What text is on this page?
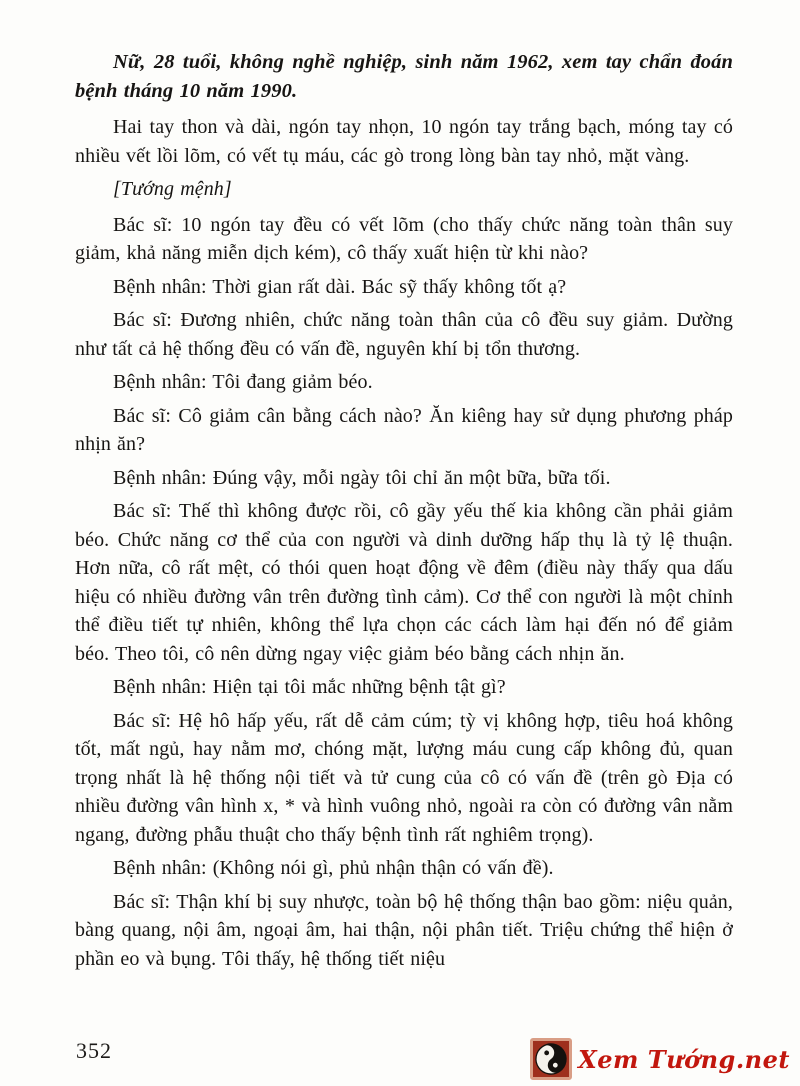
Nữ, 28 tuổi, không nghề nghiệp, sinh năm 1962, xem tay chẩn đoán bệnh tháng 10 năm 1990.

Hai tay thon và dài, ngón tay nhọn, 10 ngón tay trắng bạch, móng tay có nhiều vết lồi lõm, có vết tụ máu, các gò trong lòng bàn tay nhỏ, mặt vàng.

[Tướng mệnh]

Bác sĩ: 10 ngón tay đều có vết lõm (cho thấy chức năng toàn thân suy giảm, khả năng miễn dịch kém), cô thấy xuất hiện từ khi nào?

Bệnh nhân: Thời gian rất dài. Bác sỹ thấy không tốt ạ?

Bác sĩ: Đương nhiên, chức năng toàn thân của cô đều suy giảm. Dường như tất cả hệ thống đều có vấn đề, nguyên khí bị tổn thương.

Bệnh nhân: Tôi đang giảm béo.

Bác sĩ: Cô giảm cân bằng cách nào? Ăn kiêng hay sử dụng phương pháp nhịn ăn?

Bệnh nhân: Đúng vậy, mỗi ngày tôi chỉ ăn một bữa, bữa tối.

Bác sĩ: Thế thì không được rồi, cô gầy yếu thế kia không cần phải giảm béo. Chức năng cơ thể của con người và dinh dưỡng hấp thụ là tỷ lệ thuận. Hơn nữa, cô rất mệt, có thói quen hoạt động về đêm (điều này thấy qua dấu hiệu có nhiều đường vân trên đường tình cảm). Cơ thể con người là một chỉnh thể điều tiết tự nhiên, không thể lựa chọn các cách làm hại đến nó để giảm béo. Theo tôi, cô nên dừng ngay việc giảm béo bằng cách nhịn ăn.

Bệnh nhân: Hiện tại tôi mắc những bệnh tật gì?

Bác sĩ: Hệ hô hấp yếu, rất dễ cảm cúm; tỳ vị không hợp, tiêu hoá không tốt, mất ngủ, hay nằm mơ, chóng mặt, lượng máu cung cấp không đủ, quan trọng nhất là hệ thống nội tiết và tử cung của cô có vấn đề (trên gò Địa có nhiều đường vân hình x, * và hình vuông nhỏ, ngoài ra còn có đường vân nằm ngang, đường phẫu thuật cho thấy bệnh tình rất nghiêm trọng).

Bệnh nhân: (Không nói gì, phủ nhận thận có vấn đề).

Bác sĩ: Thận khí bị suy nhược, toàn bộ hệ thống thận bao gồm: niệu quản, bàng quang, nội âm, ngoại âm, hai thận, nội phân tiết. Triệu chứng thể hiện ở phần eo và bụng. Tôi thấy, hệ thống tiết niệu

352	Xem Tướng.net
